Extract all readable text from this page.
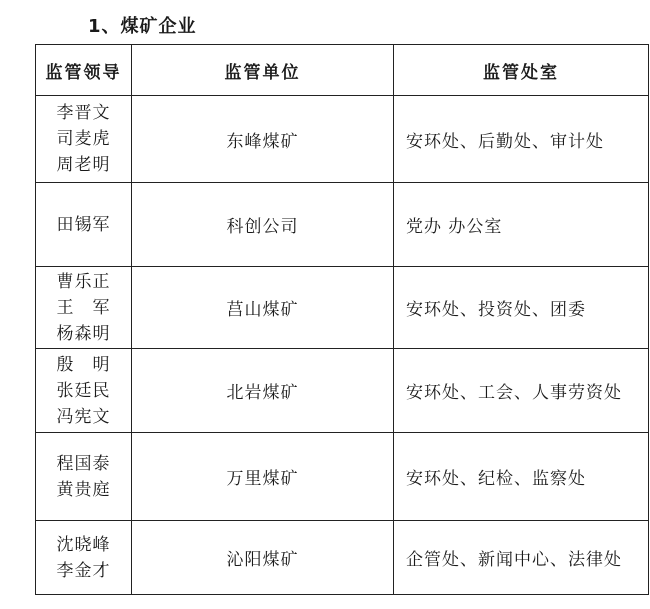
1、煤矿企业
监管领导	监管单位	监管处室

李晋文
司麦虎
周老明	东峰煤矿	安环处、后勤处、审计处

田锡军	科创公司	党办 办公室

曹乐正
王　军
杨森明	莒山煤矿	安环处、投资处、团委

殷　明
张廷民
冯宪文	北岩煤矿	安环处、工会、人事劳资处

程国泰
黄贵庭	万里煤矿	安环处、纪检、监察处

沈晓峰
李金才	沁阳煤矿	企管处、新闻中心、法律处
